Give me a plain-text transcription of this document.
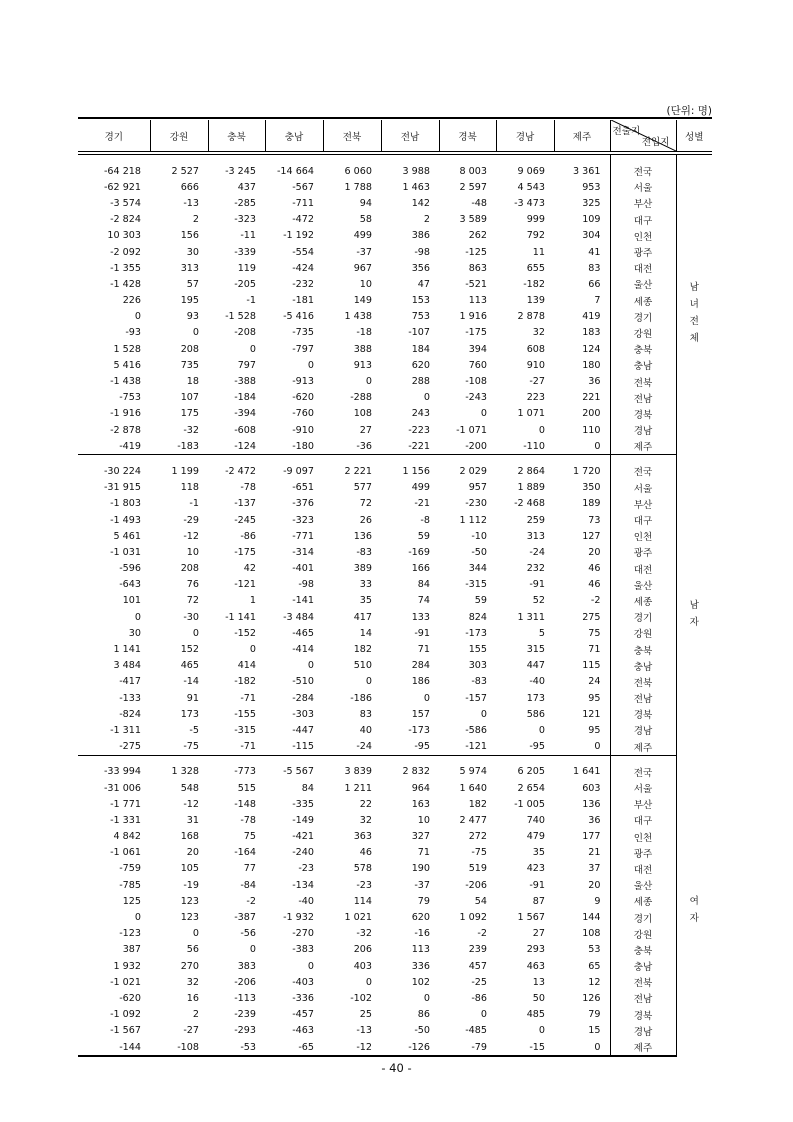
(단위: 명)

경기	강원	충북	충남	전북	전남	경북	경남	제주	전출지
전입지	성별	

-64 218	2 527	-3 245	-14 664	6 060	3 988	8 003	9 069	3 361	전국	남
녀
전
체	
-62 921	666	437	-567	1 788	1 463	2 597	4 543	953	서울		
-3 574	-13	-285	-711	94	142	-48	-3 473	325	부산		
-2 824	2	-323	-472	58	2	3 589	999	109	대구		
10 303	156	-11	-1 192	499	386	262	792	304	인천		
-2 092	30	-339	-554	-37	-98	-125	11	41	광주		
-1 355	313	119	-424	967	356	863	655	83	대전		
-1 428	57	-205	-232	10	47	-521	-182	66	울산		
226	195	-1	-181	149	153	113	139	7	세종		
0	93	-1 528	-5 416	1 438	753	1 916	2 878	419	경기		
-93	0	-208	-735	-18	-107	-175	32	183	강원		
1 528	208	0	-797	388	184	394	608	124	충북		
5 416	735	797	0	913	620	760	910	180	충남		
-1 438	18	-388	-913	0	288	-108	-27	36	전북		
-753	107	-184	-620	-288	0	-243	223	221	전남		
-1 916	175	-394	-760	108	243	0	1 071	200	경북		
-2 878	-32	-608	-910	27	-223	-1 071	0	110	경남		
-419	-183	-124	-180	-36	-221	-200	-110	0	제주		

-30 224	1 199	-2 472	-9 097	2 221	1 156	2 029	2 864	1 720	전국	남
자	
-31 915	118	-78	-651	577	499	957	1 889	350	서울		
-1 803	-1	-137	-376	72	-21	-230	-2 468	189	부산		
-1 493	-29	-245	-323	26	-8	1 112	259	73	대구		
5 461	-12	-86	-771	136	59	-10	313	127	인천		
-1 031	10	-175	-314	-83	-169	-50	-24	20	광주		
-596	208	42	-401	389	166	344	232	46	대전		
-643	76	-121	-98	33	84	-315	-91	46	울산		
101	72	1	-141	35	74	59	52	-2	세종		
0	-30	-1 141	-3 484	417	133	824	1 311	275	경기		
30	0	-152	-465	14	-91	-173	5	75	강원		
1 141	152	0	-414	182	71	155	315	71	충북		
3 484	465	414	0	510	284	303	447	115	충남		
-417	-14	-182	-510	0	186	-83	-40	24	전북		
-133	91	-71	-284	-186	0	-157	173	95	전남		
-824	173	-155	-303	83	157	0	586	121	경북		
-1 311	-5	-315	-447	40	-173	-586	0	95	경남		
-275	-75	-71	-115	-24	-95	-121	-95	0	제주		

-33 994	1 328	-773	-5 567	3 839	2 832	5 974	6 205	1 641	전국	여
자	
-31 006	548	515	84	1 211	964	1 640	2 654	603	서울		
-1 771	-12	-148	-335	22	163	182	-1 005	136	부산		
-1 331	31	-78	-149	32	10	2 477	740	36	대구		
4 842	168	75	-421	363	327	272	479	177	인천		
-1 061	20	-164	-240	46	71	-75	35	21	광주		
-759	105	77	-23	578	190	519	423	37	대전		
-785	-19	-84	-134	-23	-37	-206	-91	20	울산		
125	123	-2	-40	114	79	54	87	9	세종		
0	123	-387	-1 932	1 021	620	1 092	1 567	144	경기		
-123	0	-56	-270	-32	-16	-2	27	108	강원		
387	56	0	-383	206	113	239	293	53	충북		
1 932	270	383	0	403	336	457	463	65	충남		
-1 021	32	-206	-403	0	102	-25	13	12	전북		
-620	16	-113	-336	-102	0	-86	50	126	전남		
-1 092	2	-239	-457	25	86	0	485	79	경북		
-1 567	-27	-293	-463	-13	-50	-485	0	15	경남		
-144	-108	-53	-65	-12	-126	-79	-15	0	제주		

- 40 -
